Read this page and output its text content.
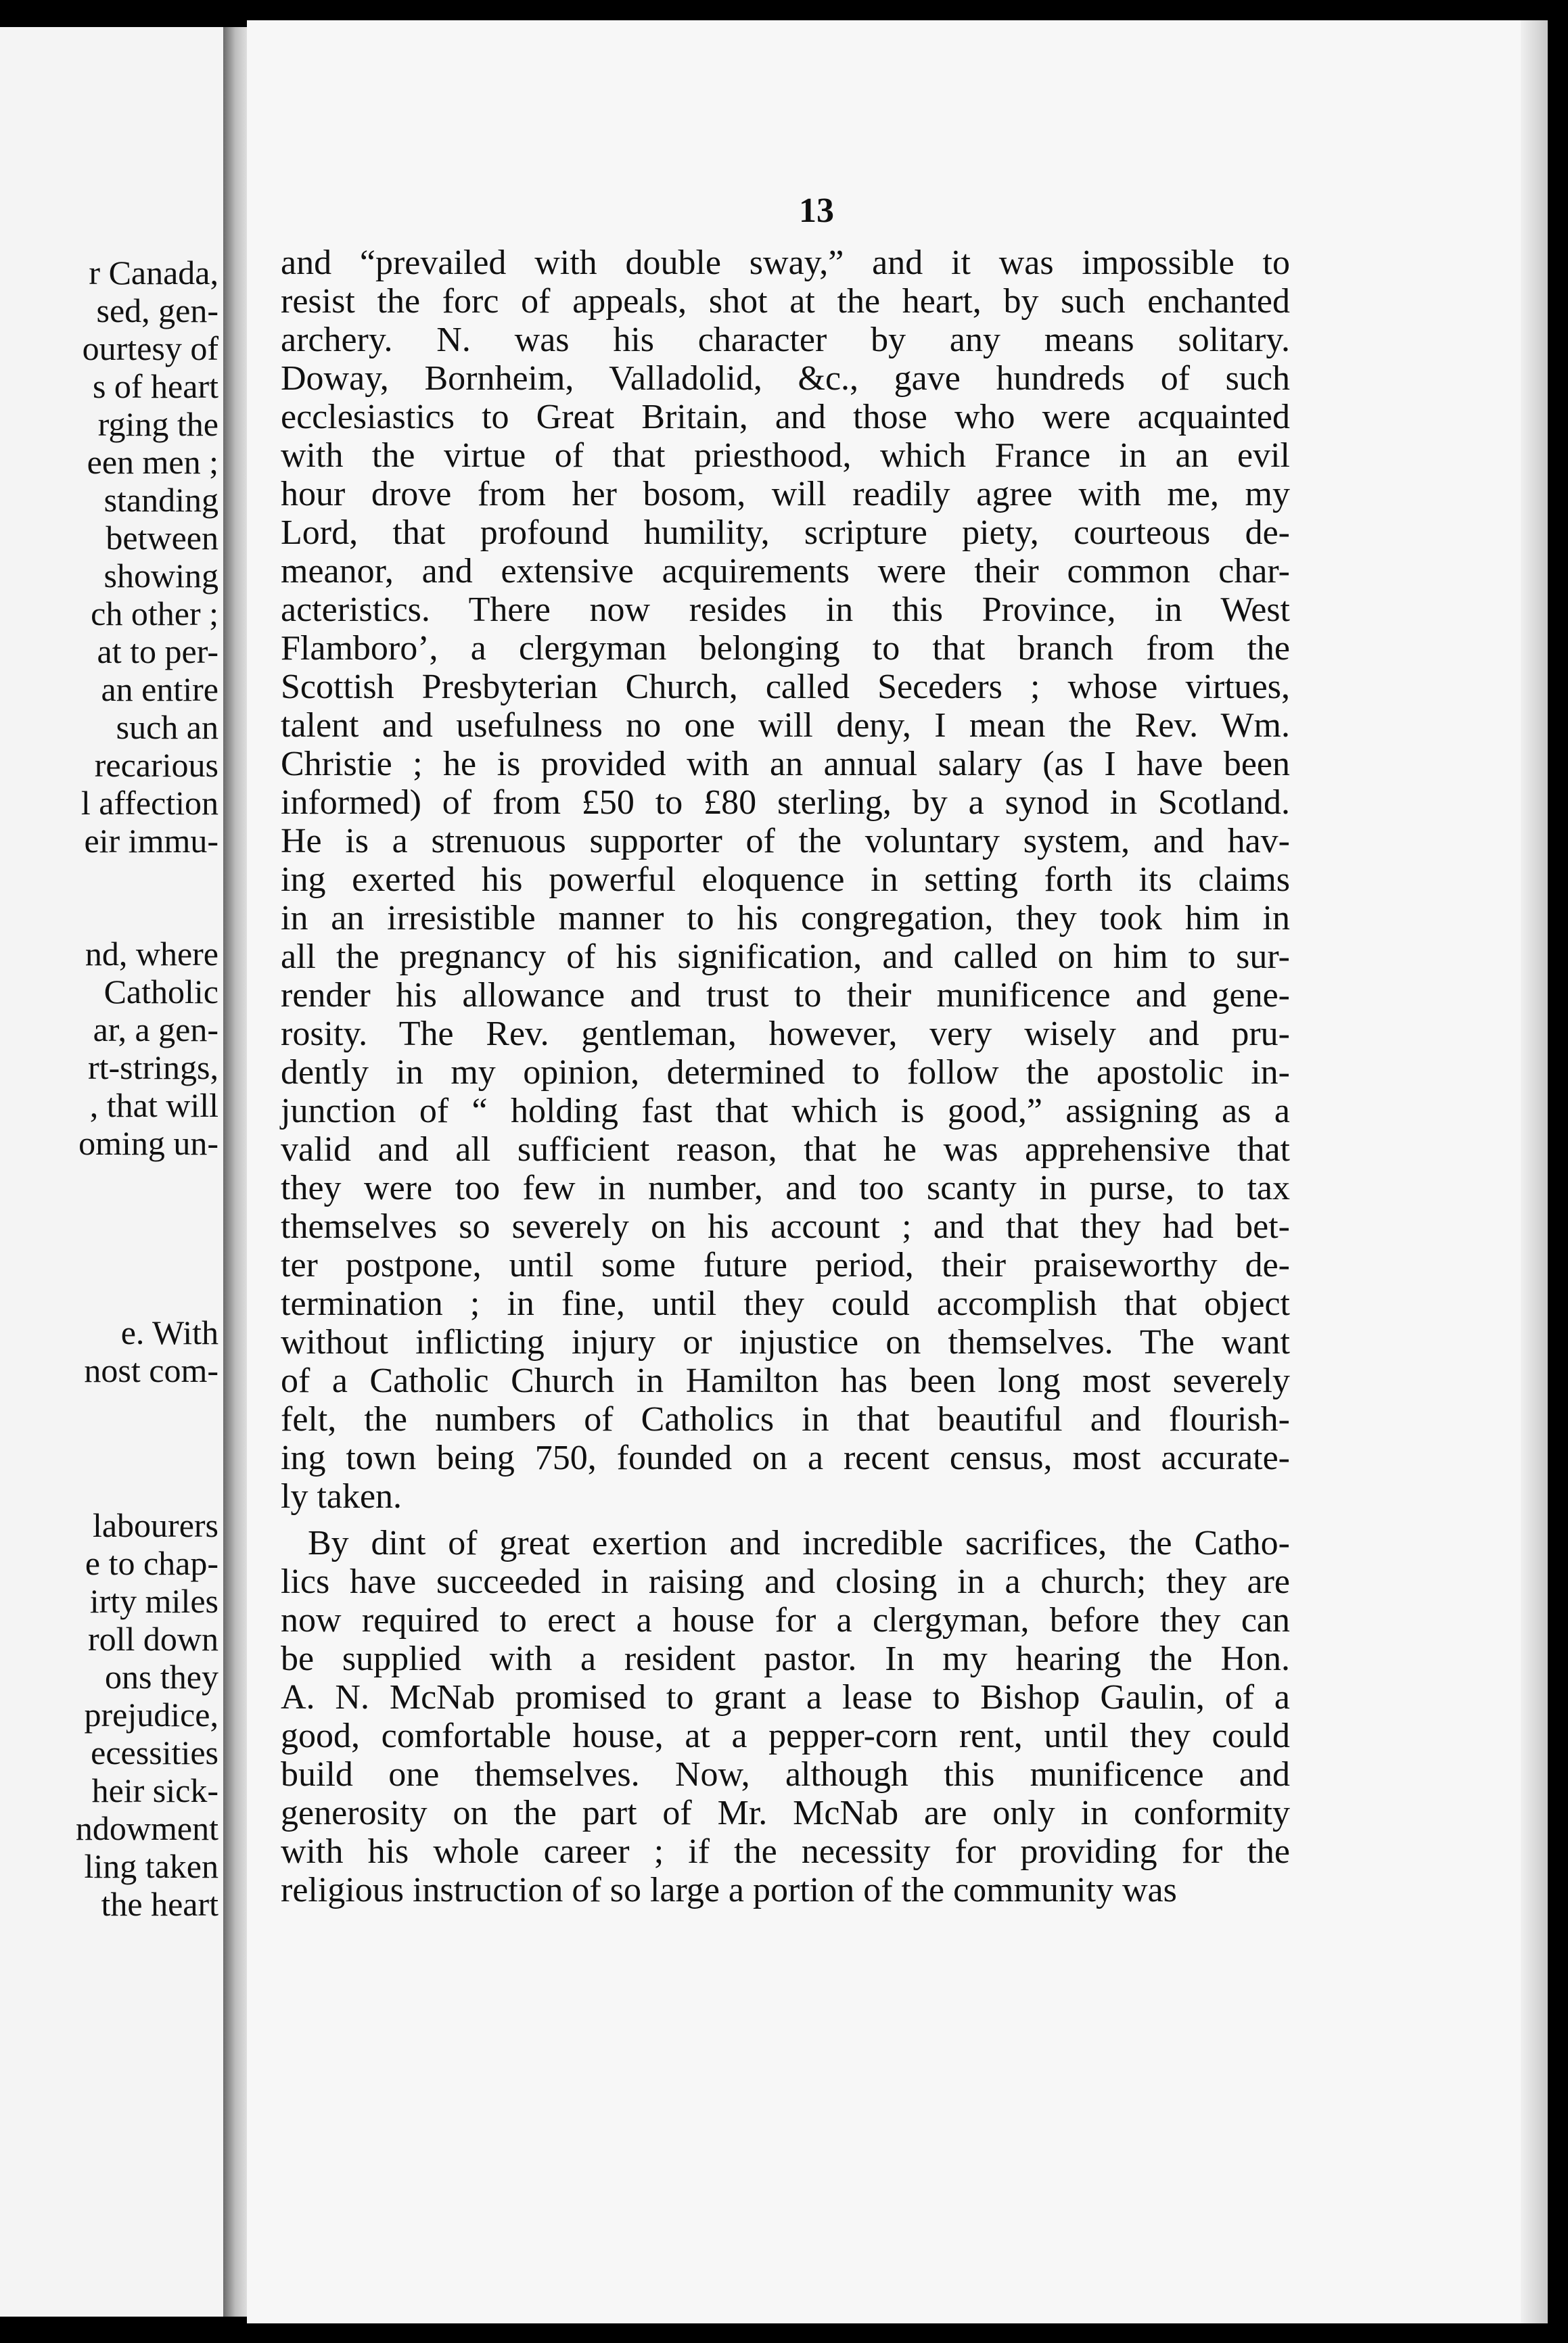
r Canada,
sed, gen-
ourtesy of
s of heart
rging the
een men ;
standing
between
showing
ch other ;
at to per-
an entire
such an
recarious
l affection
eir immu-
nd, where
Catholic
ar, a gen-
rt-strings,
, that will
oming un-
e. With
nost com-
labourers
e to chap-
irty miles
roll down
ons they
prejudice,
ecessities
heir sick-
ndowment
ling taken
the heart
13
and “prevailed with double sway,” and it was impossible to
resist the forc of appeals, shot at the heart, by such enchanted
archery. N. was his character by any means solitary.
Doway, Bornheim, Valladolid, &c., gave hundreds of such
ecclesiastics to Great Britain, and those who were acquainted
with the virtue of that priesthood, which France in an evil
hour drove from her bosom, will readily agree with me, my
Lord, that profound humility, scripture piety, courteous de-
meanor, and extensive acquirements were their common char-
acteristics. There now resides in this Province, in West
Flamboro’, a clergyman belonging to that branch from the
Scottish Presbyterian Church, called Seceders ; whose virtues,
talent and usefulness no one will deny, I mean the Rev. Wm.
Christie ; he is provided with an annual salary (as I have been
informed) of from £50 to £80 sterling, by a synod in Scotland.
He is a strenuous supporter of the voluntary system, and hav-
ing exerted his powerful eloquence in setting forth its claims
in an irresistible manner to his congregation, they took him in
all the pregnancy of his signification, and called on him to sur-
render his allowance and trust to their munificence and gene-
rosity. The Rev. gentleman, however, very wisely and pru-
dently in my opinion, determined to follow the apostolic in-
junction of “ holding fast that which is good,” assigning as a
valid and all sufficient reason, that he was apprehensive that
they were too few in number, and too scanty in purse, to tax
themselves so severely on his account ; and that they had bet-
ter postpone, until some future period, their praiseworthy de-
termination ; in fine, until they could accomplish that object
without inflicting injury or injustice on themselves. The want
of a Catholic Church in Hamilton has been long most severely
felt, the numbers of Catholics in that beautiful and flourish-
ing town being 750, founded on a recent census, most accurate-
ly taken.
By dint of great exertion and incredible sacrifices, the Catho-
lics have succeeded in raising and closing in a church; they are
now required to erect a house for a clergyman, before they can
be supplied with a resident pastor. In my hearing the Hon.
A. N. McNab promised to grant a lease to Bishop Gaulin, of a
good, comfortable house, at a pepper-corn rent, until they could
build one themselves. Now, although this munificence and
generosity on the part of Mr. McNab are only in conformity
with his whole career ; if the necessity for providing for the
religious instruction of so large a portion of the community was
